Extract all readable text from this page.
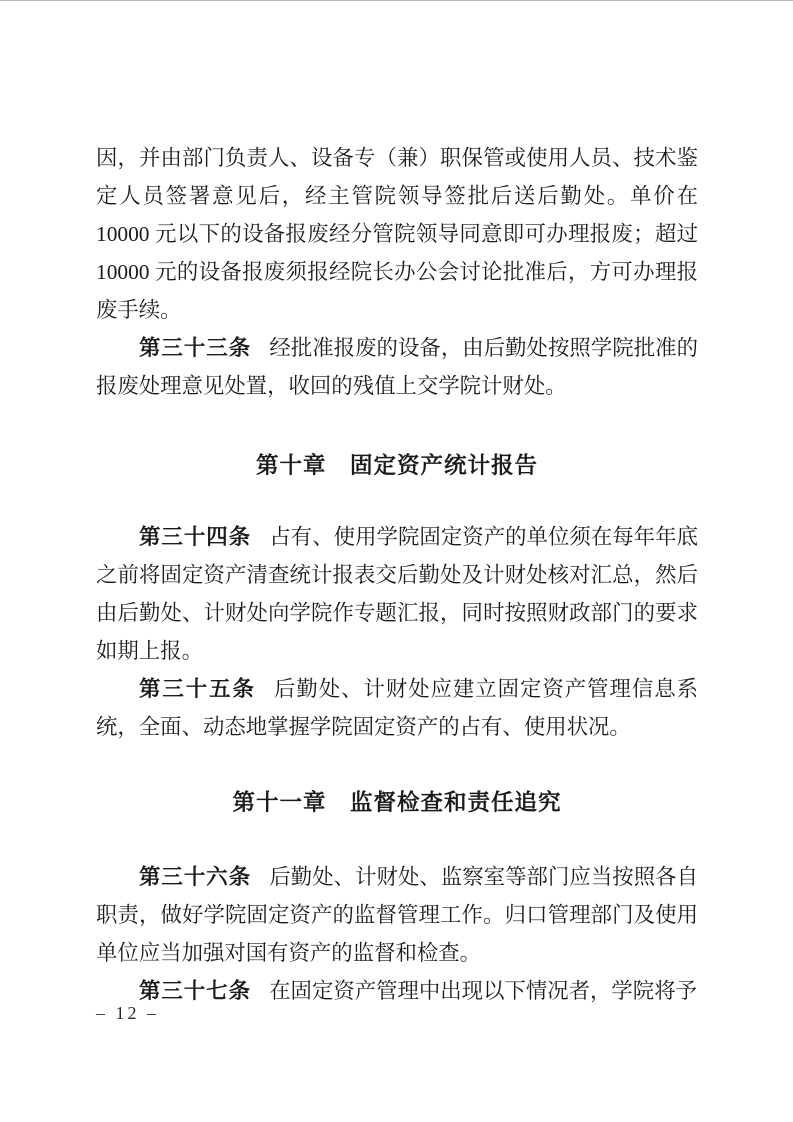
因，并由部门负责人、设备专（兼）职保管或使用人员、技术鉴定人员签署意见后，经主管院领导签批后送后勤处。单价在 10000 元以下的设备报废经分管院领导同意即可办理报废；超过 10000 元的设备报废须报经院长办公会讨论批准后，方可办理报废手续。

第三十三条 经批准报废的设备，由后勤处按照学院批准的报废处理意见处置，收回的残值上交学院计财处。

第十章　固定资产统计报告

第三十四条 占有、使用学院固定资产的单位须在每年年底之前将固定资产清查统计报表交后勤处及计财处核对汇总，然后由后勤处、计财处向学院作专题汇报，同时按照财政部门的要求如期上报。

第三十五条 后勤处、计财处应建立固定资产管理信息系统，全面、动态地掌握学院固定资产的占有、使用状况。

第十一章　监督检查和责任追究

第三十六条 后勤处、计财处、监察室等部门应当按照各自职责，做好学院固定资产的监督管理工作。归口管理部门及使用单位应当加强对国有资产的监督和检查。

第三十七条 在固定资产管理中出现以下情况者，学院将予

– 12 –
